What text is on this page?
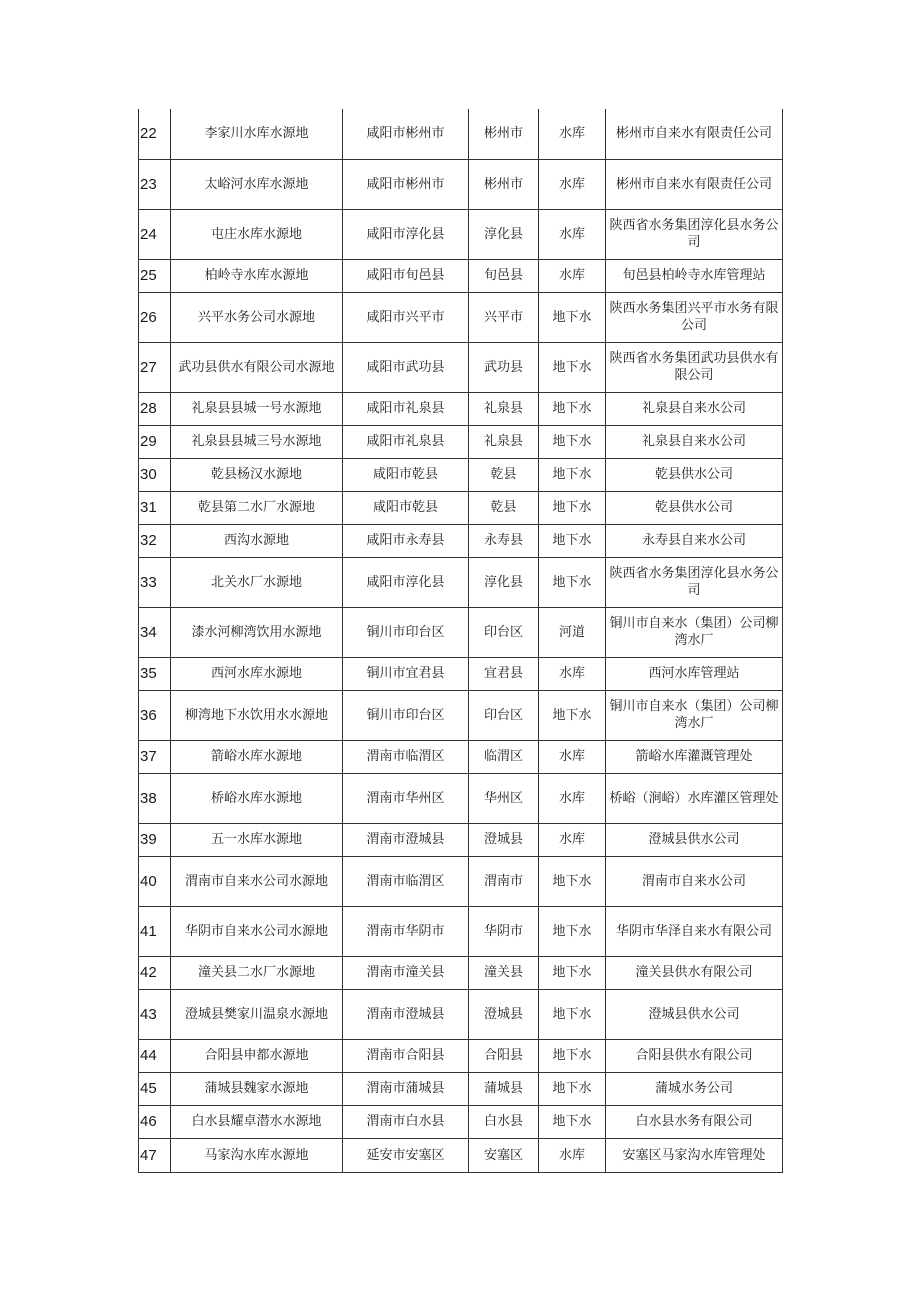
22	李家川水库水源地	咸阳市彬州市	彬州市	水库	彬州市自来水有限责任公司
23	太峪河水库水源地	咸阳市彬州市	彬州市	水库	彬州市自来水有限责任公司
24	屯庄水库水源地	咸阳市淳化县	淳化县	水库	陕西省水务集团淳化县水务公司
25	柏岭寺水库水源地	咸阳市旬邑县	旬邑县	水库	旬邑县柏岭寺水库管理站
26	兴平水务公司水源地	咸阳市兴平市	兴平市	地下水	陕西水务集团兴平市水务有限公司
27	武功县供水有限公司水源地	咸阳市武功县	武功县	地下水	陕西省水务集团武功县供水有限公司
28	礼泉县县城一号水源地	咸阳市礼泉县	礼泉县	地下水	礼泉县自来水公司
29	礼泉县县城三号水源地	咸阳市礼泉县	礼泉县	地下水	礼泉县自来水公司
30	乾县杨汉水源地	咸阳市乾县	乾县	地下水	乾县供水公司
31	乾县第二水厂水源地	咸阳市乾县	乾县	地下水	乾县供水公司
32	西沟水源地	咸阳市永寿县	永寿县	地下水	永寿县自来水公司
33	北关水厂水源地	咸阳市淳化县	淳化县	地下水	陕西省水务集团淳化县水务公司
34	漆水河柳湾饮用水源地	铜川市印台区	印台区	河道	铜川市自来水（集团）公司柳湾水厂
35	西河水库水源地	铜川市宜君县	宜君县	水库	西河水库管理站
36	柳湾地下水饮用水水源地	铜川市印台区	印台区	地下水	铜川市自来水（集团）公司柳湾水厂
37	箭峪水库水源地	渭南市临渭区	临渭区	水库	箭峪水库灌溉管理处
38	桥峪水库水源地	渭南市华州区	华州区	水库	桥峪（涧峪）水库灌区管理处
39	五一水库水源地	渭南市澄城县	澄城县	水库	澄城县供水公司
40	渭南市自来水公司水源地	渭南市临渭区	渭南市	地下水	渭南市自来水公司
41	华阴市自来水公司水源地	渭南市华阴市	华阴市	地下水	华阴市华泽自来水有限公司
42	潼关县二水厂水源地	渭南市潼关县	潼关县	地下水	潼关县供水有限公司
43	澄城县樊家川温泉水源地	渭南市澄城县	澄城县	地下水	澄城县供水公司
44	合阳县申都水源地	渭南市合阳县	合阳县	地下水	合阳县供水有限公司
45	蒲城县魏家水源地	渭南市蒲城县	蒲城县	地下水	蒲城水务公司
46	白水县耀卓潜水水源地	渭南市白水县	白水县	地下水	白水县水务有限公司
47	马家沟水库水源地	延安市安塞区	安塞区	水库	安塞区马家沟水库管理处
